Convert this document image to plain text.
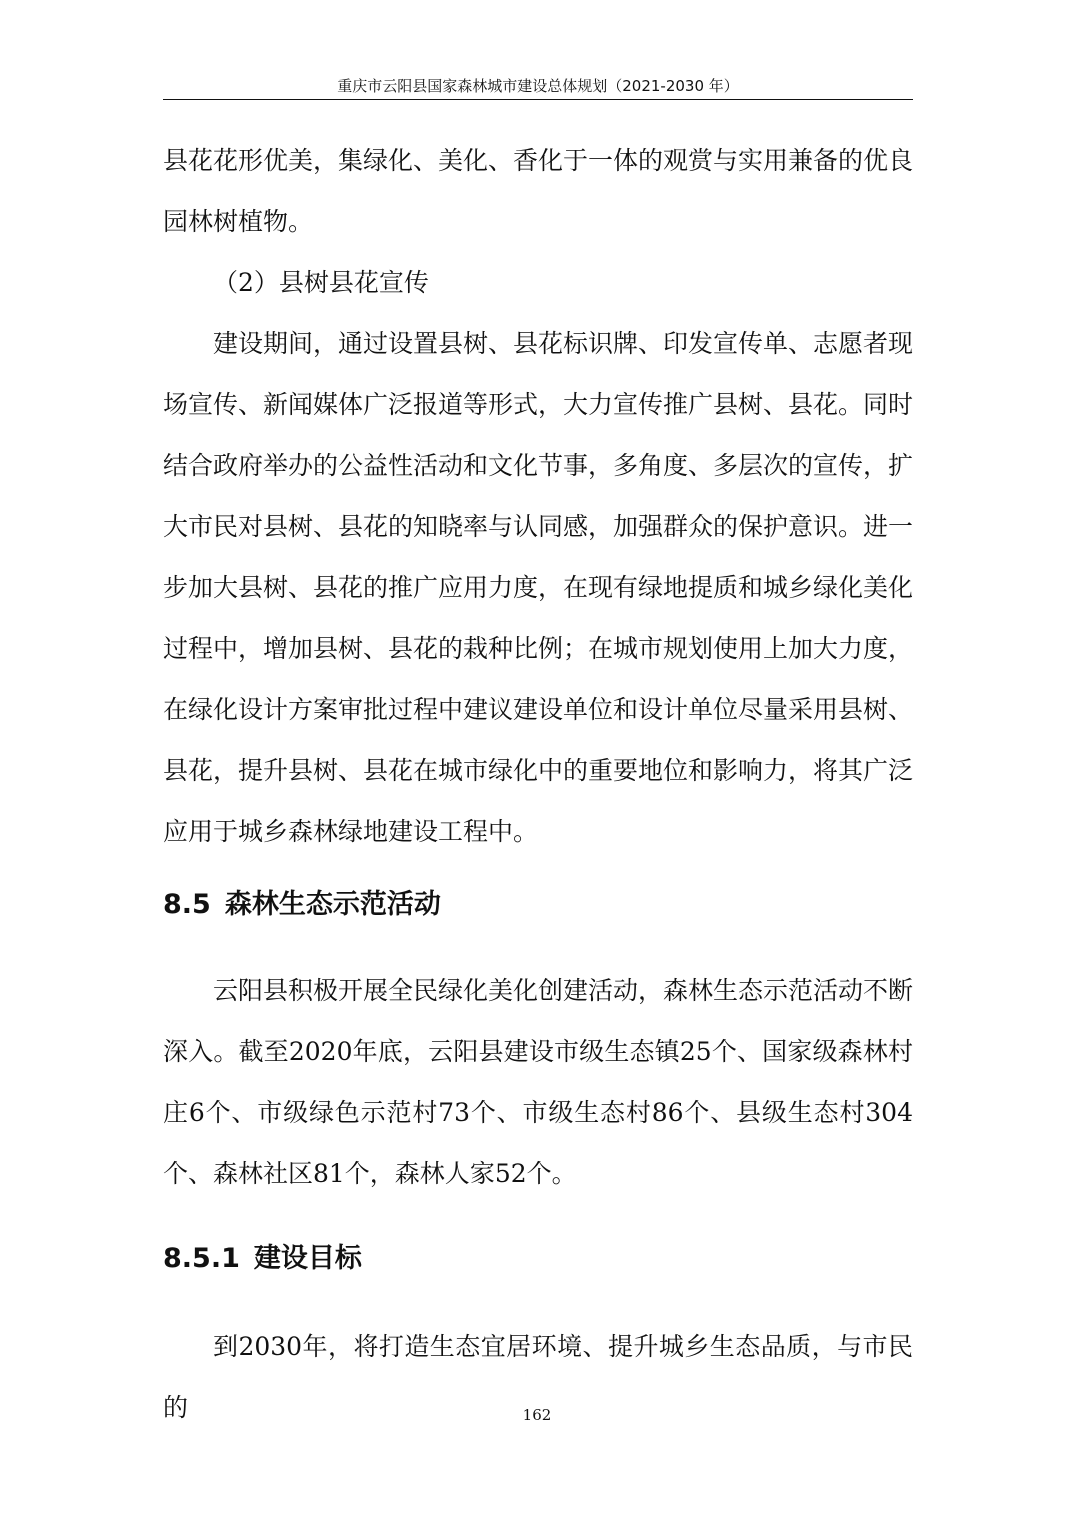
重庆市云阳县国家森林城市建设总体规划（2021-2030 年）

县花花形优美，集绿化、美化、香化于一体的观赏与实用兼备的优良园林树植物。

（2）县树县花宣传

建设期间，通过设置县树、县花标识牌、印发宣传单、志愿者现场宣传、新闻媒体广泛报道等形式，大力宣传推广县树、县花。同时结合政府举办的公益性活动和文化节事，多角度、多层次的宣传，扩大市民对县树、县花的知晓率与认同感，加强群众的保护意识。进一步加大县树、县花的推广应用力度，在现有绿地提质和城乡绿化美化过程中，增加县树、县花的栽种比例；在城市规划使用上加大力度，在绿化设计方案审批过程中建议建设单位和设计单位尽量采用县树、县花，提升县树、县花在城市绿化中的重要地位和影响力，将其广泛应用于城乡森林绿地建设工程中。

8.5 森林生态示范活动

云阳县积极开展全民绿化美化创建活动，森林生态示范活动不断深入。截至2020年底，云阳县建设市级生态镇25个、国家级森林村庄6个、市级绿色示范村73个、市级生态村86个、县级生态村304个、森林社区81个，森林人家52个。

8.5.1 建设目标

到2030年，将打造生态宜居环境、提升城乡生态品质，与市民的	162
